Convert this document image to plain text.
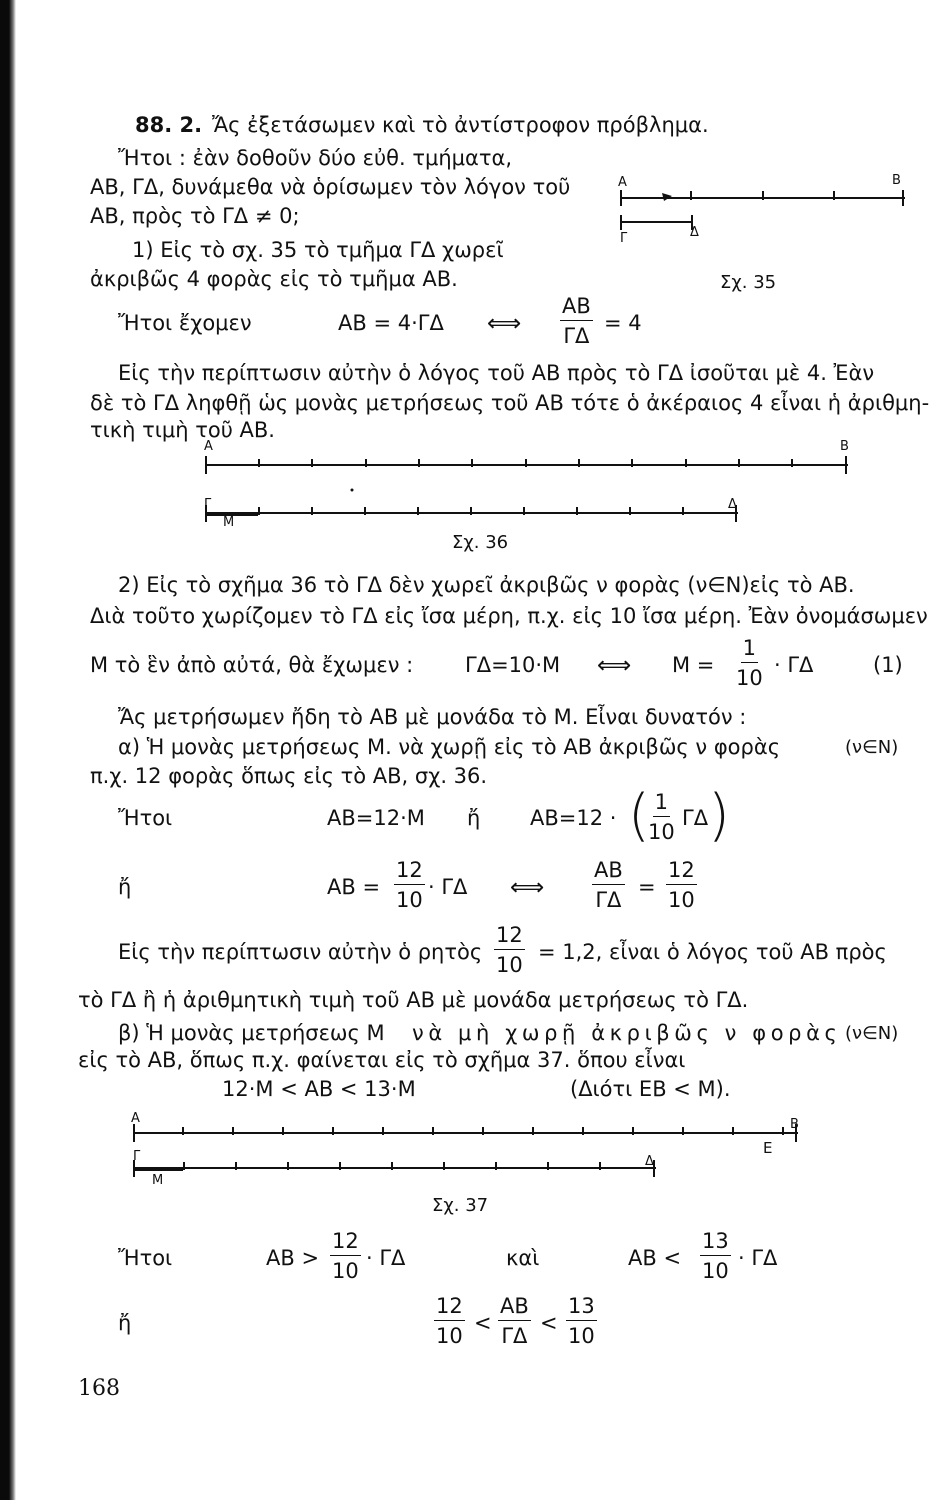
88. 2. Ἄς ἐξετάσωμεν καὶ τὸ ἀντίστροφον πρόβλημα.
Ἤτοι : ἐὰν δοθοῦν δύο εὐθ. τμήματα,
ΑΒ, ΓΔ, δυνάμεθα νὰ ὁρίσωμεν τὸν λόγον τοῦ
ΑΒ, πρὸς τὸ ΓΔ ≠ 0;
Α	Β
Γ	Δ
Σχ. 35
1) Εἰς τὸ σχ. 35 τὸ τμῆμα ΓΔ χωρεῖ
ἀκριβῶς 4 φορὰς εἰς τὸ τμῆμα ΑΒ.
Ἤτοι ἔχομεν	ΑΒ = 4·ΓΔ ⟺ $\frac{AB}{\Gamma\Delta} = 4$
Εἰς τὴν περίπτωσιν αὐτὴν ὁ λόγος τοῦ ΑΒ πρὸς τὸ ΓΔ ἰσοῦται μὲ 4. Ἐὰν
δὲ τὸ ΓΔ ληφθῇ ὡς μονὰς μετρήσεως τοῦ ΑΒ τότε ὁ ἀκέραιος 4 εἶναι ἡ ἀριθμη-
τικὴ τιμὴ τοῦ ΑΒ.
Α	Β
Γ
Μ
Δ
Σχ. 36
2) Εἰς τὸ σχῆμα 36 τὸ ΓΔ δὲν χωρεῖ ἀκριβῶς ν φορὰς (ν∈Ν)εἰς τὸ ΑΒ.
Διὰ τοῦτο χωρίζομεν τὸ ΓΔ εἰς ἴσα μέρη, π.χ. εἰς 10 ἴσα μέρη. Ἐὰν ὀνομάσωμεν
Μ τὸ ἓν ἀπὸ αὐτά, θὰ ἔχωμεν : ΓΔ=10·Μ ⟺ $M = \frac{1}{10} \cdot \Gamma\Delta$	(1)
Ἄς μετρήσωμεν ἤδη τὸ ΑΒ μὲ μονάδα τὸ Μ. Εἶναι δυνατόν :
α) Ἡ μονὰς μετρήσεως Μ. νὰ χωρῇ εἰς τὸ ΑΒ ἀκριβῶς ν φορὰς	(ν∈Ν)
π.χ. 12 φορὰς ὅπως εἰς τὸ ΑΒ, σχ. 36.
Ἤτοι	ΑΒ=12·Μ ἤ ΑΒ=12 · (
$\frac{1}{10}$ ΓΔ )
ἤ	$AB = \frac{12}{10} \cdot \Gamma\Delta$ ⟺ $\frac{AB}{\Gamma\Delta} = \frac{12}{10}$
Εἰς τὴν περίπτωσιν αὐτὴν ὁ ρητὸς $\frac{12}{10} = 1,2$, εἶναι ὁ λόγος τοῦ ΑΒ πρὸς
τὸ ΓΔ ἢ ἡ ἀριθμητικὴ τιμὴ τοῦ ΑΒ μὲ μονάδα μετρήσεως τὸ ΓΔ.
β) Ἡ μονὰς μετρήσεως Μ νὰ μὴ χωρῇ ἀκριβῶς ν φορὰς (ν∈Ν)
εἰς τὸ ΑΒ, ὅπως π.χ. φαίνεται εἰς τὸ σχῆμα 37. ὅπου εἶναι
12·Μ < ΑΒ < 13·Μ	(Διότι ΕΒ < Μ).
Α	Β
Ε
Γ
Μ
Δ
Σχ. 37
Ἤτοι	$AB > \frac{12}{10} \cdot \Gamma\Delta$	καὶ	$AB < \frac{13}{10} \cdot \Gamma\Delta$
ἤ	$\frac{12}{10} < \frac{AB}{\Gamma\Delta} < \frac{13}{10}$
168
